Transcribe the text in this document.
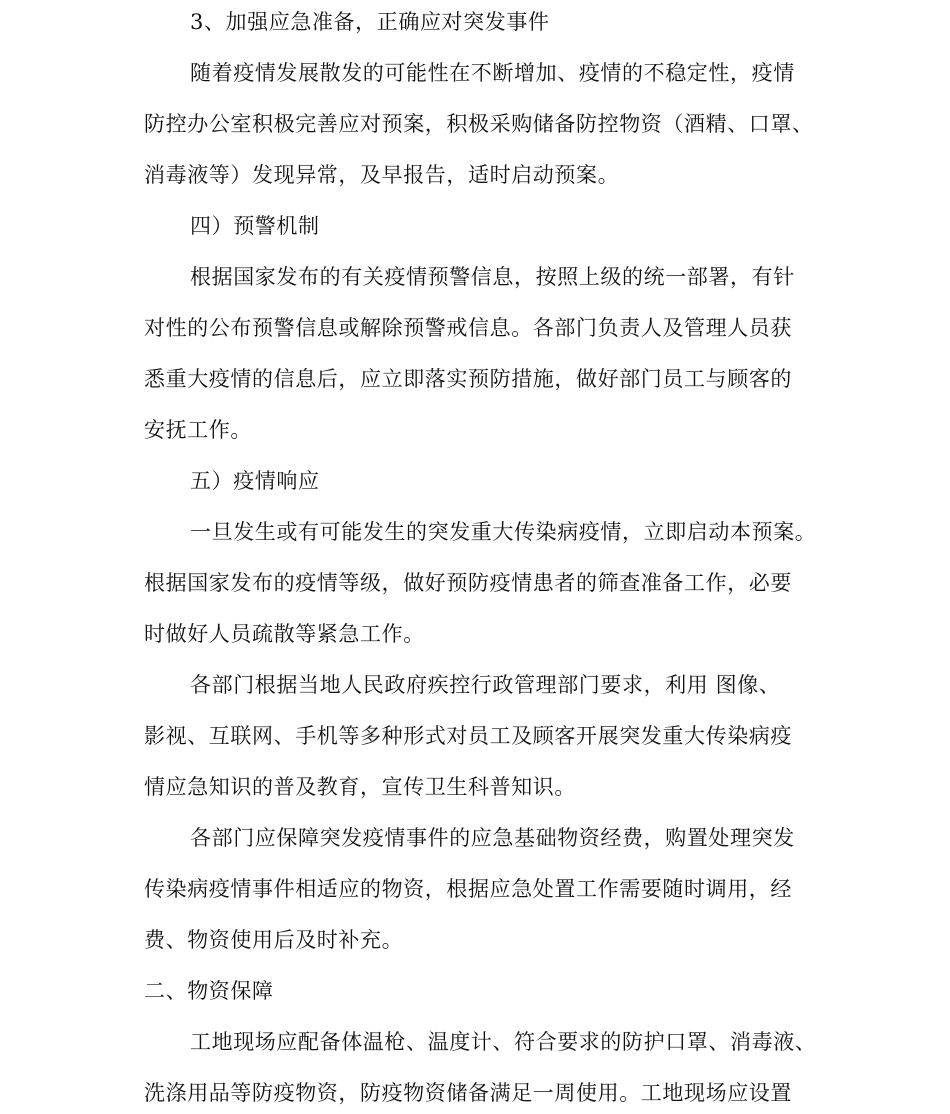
3、加强应急准备，正确应对突发事件
随着疫情发展散发的可能性在不断增加、疫情的不稳定性，疫情
防控办公室积极完善应对预案，积极采购储备防控物资（酒精、口罩、
消毒液等）发现异常，及早报告，适时启动预案。
四）预警机制
根据国家发布的有关疫情预警信息，按照上级的统一部署，有针
对性的公布预警信息或解除预警戒信息。各部门负责人及管理人员获
悉重大疫情的信息后，应立即落实预防措施，做好部门员工与顾客的
安抚工作。
五）疫情响应
一旦发生或有可能发生的突发重大传染病疫情，立即启动本预案。
根据国家发布的疫情等级，做好预防疫情患者的筛查准备工作，必要
时做好人员疏散等紧急工作。
各部门根据当地人民政府疾控行政管理部门要求，利用 图像、
影视、互联网、手机等多种形式对员工及顾客开展突发重大传染病疫
情应急知识的普及教育，宣传卫生科普知识。
各部门应保障突发疫情事件的应急基础物资经费，购置处理突发
传染病疫情事件相适应的物资，根据应急处置工作需要随时调用，经
费、物资使用后及时补充。
二、物资保障
工地现场应配备体温枪、温度计、符合要求的防护口罩、消毒液、
洗涤用品等防疫物资，防疫物资储备满足一周使用。工地现场应设置
